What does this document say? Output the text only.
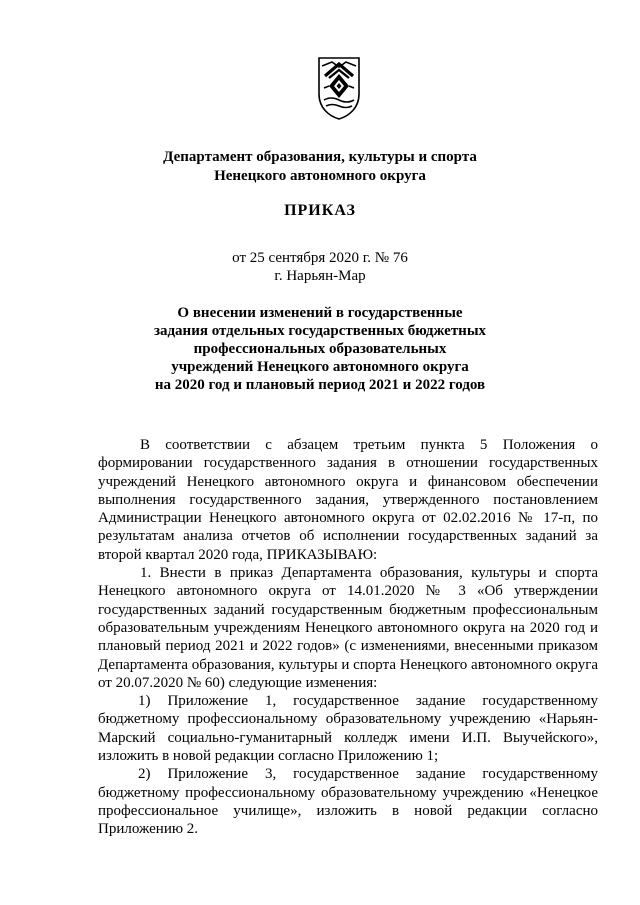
Департамент образования, культуры и спорта
Ненецкого автономного округа
ПРИКАЗ
от 25 сентября 2020 г. № 76
г. Нарьян-Мар
О внесении изменений в государственные
задания отдельных государственных бюджетных
профессиональных образовательных
учреждений Ненецкого автономного округа
на 2020 год и плановый период 2021 и 2022 годов

В соответствии с абзацем третьим пункта 5 Положения о формировании государственного задания в отношении государственных учреждений Ненецкого автономного округа и финансовом обеспечении выполнения государственного задания, утвержденного постановлением Администрации Ненецкого автономного округа от 02.02.2016 № 17-п, по результатам анализа отчетов об исполнении государственных заданий за второй квартал 2020 года, ПРИКАЗЫВАЮ:

1. Внести в приказ Департамента образования, культуры и спорта Ненецкого автономного округа от 14.01.2020 № 3 «Об утверждении государственных заданий государственным бюджетным профессиональным образовательным учреждениям Ненецкого автономного округа на 2020 год и плановый период 2021 и 2022 годов» (с изменениями, внесенными приказом Департамента образования, культуры и спорта Ненецкого автономного округа от 20.07.2020 № 60) следующие изменения:

1) Приложение 1, государственное задание государственному бюджетному профессиональному образовательному учреждению «Нарьян-Марский социально-гуманитарный колледж имени И.П. Выучейского», изложить в новой редакции согласно Приложению 1;

2) Приложение 3, государственное задание государственному бюджетному профессиональному образовательному учреждению «Ненецкое профессиональное училище», изложить в новой редакции согласно Приложению 2.
